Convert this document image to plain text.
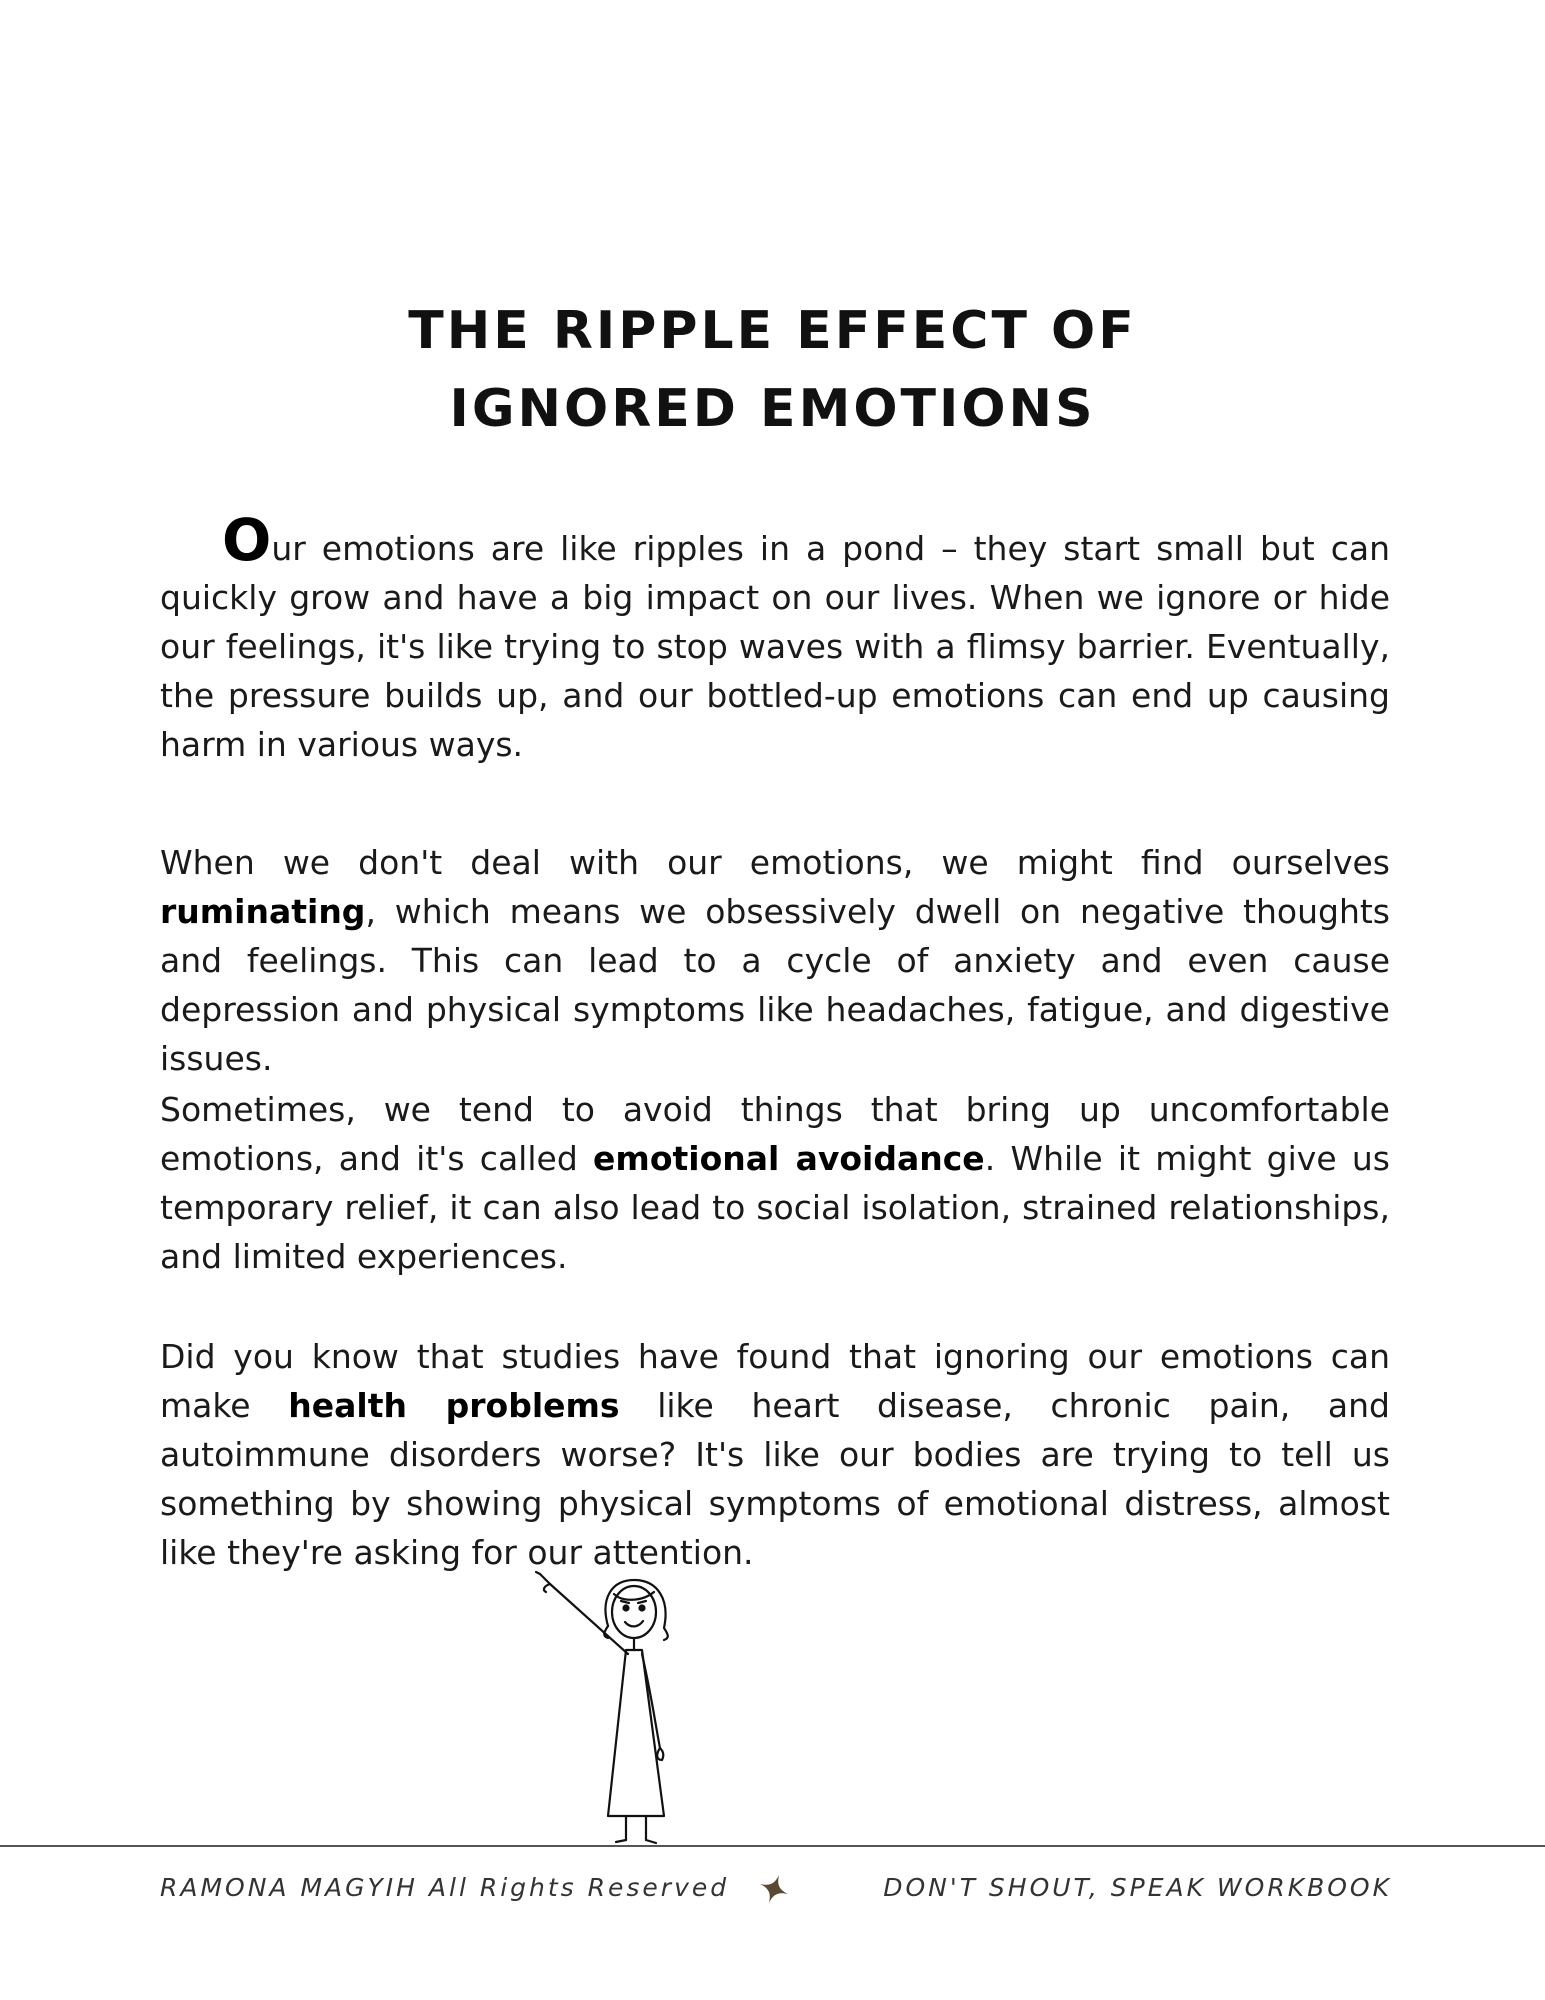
THE RIPPLE EFFECT OF
IGNORED EMOTIONS

Our emotions are like ripples in a pond – they start small but can quickly grow and have a big impact on our lives. When we ignore or hide our feelings, it's like trying to stop waves with a flimsy barrier. Eventually, the pressure builds up, and our bottled-up emotions can end up causing harm in various ways.

When we don't deal with our emotions, we might find ourselves ruminating, which means we obsessively dwell on negative thoughts and feelings. This can lead to a cycle of anxiety and even cause depression and physical symptoms like headaches, fatigue, and digestive issues.

Sometimes, we tend to avoid things that bring up uncomfortable emotions, and it's called emotional avoidance. While it might give us temporary relief, it can also lead to social isolation, strained relationships, and limited experiences.

Did you know that studies have found that ignoring our emotions can make health problems like heart disease, chronic pain, and autoimmune disorders worse? It's like our bodies are trying to tell us something by showing physical symptoms of emotional distress, almost like they're asking for our attention.

RAMONA MAGYIH All Rights Reserved	DON'T SHOUT, SPEAK WORKBOOK
